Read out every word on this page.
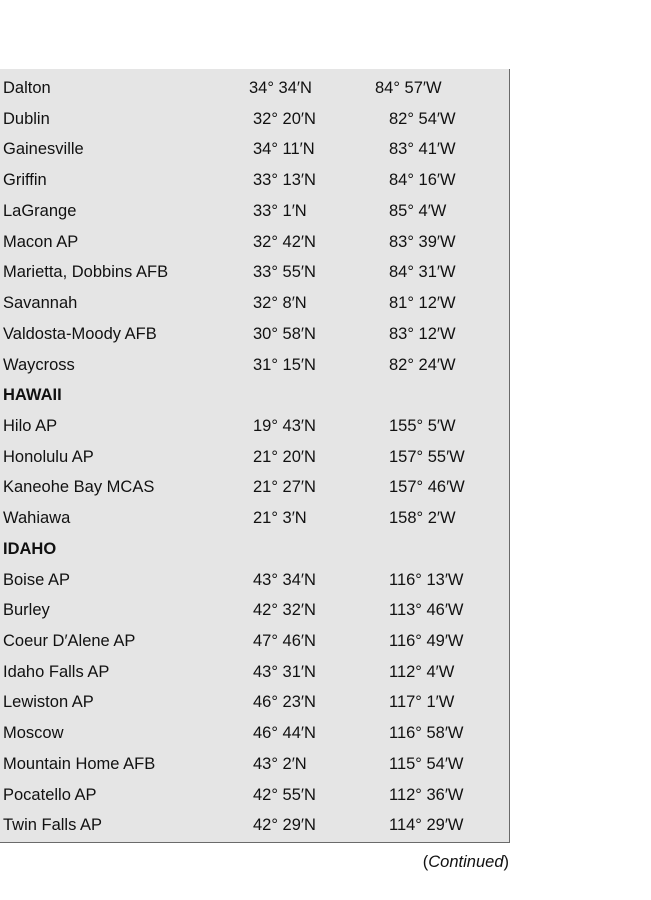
Dalton	34° 34′N	84° 57′W
Dublin	32° 20′N	82° 54′W
Gainesville	34° 11′N	83° 41′W
Griffin	33° 13′N	84° 16′W
LaGrange	33° 1′N	85° 4′W
Macon AP	32° 42′N	83° 39′W
Marietta, Dobbins AFB	33° 55′N	84° 31′W
Savannah	32° 8′N	81° 12′W
Valdosta-Moody AFB	30° 58′N	83° 12′W
Waycross	31° 15′N	82° 24′W
HAWAII
Hilo AP	19° 43′N	155° 5′W
Honolulu AP	21° 20′N	157° 55′W
Kaneohe Bay MCAS	21° 27′N	157° 46′W
Wahiawa	21° 3′N	158° 2′W
IDAHO
Boise AP	43° 34′N	116° 13′W
Burley	42° 32′N	113° 46′W
Coeur D′Alene AP	47° 46′N	116° 49′W
Idaho Falls AP	43° 31′N	112° 4′W
Lewiston AP	46° 23′N	117° 1′W
Moscow	46° 44′N	116° 58′W
Mountain Home AFB	43° 2′N	115° 54′W
Pocatello AP	42° 55′N	112° 36′W
Twin Falls AP	42° 29′N	114° 29′W
(Continued)
